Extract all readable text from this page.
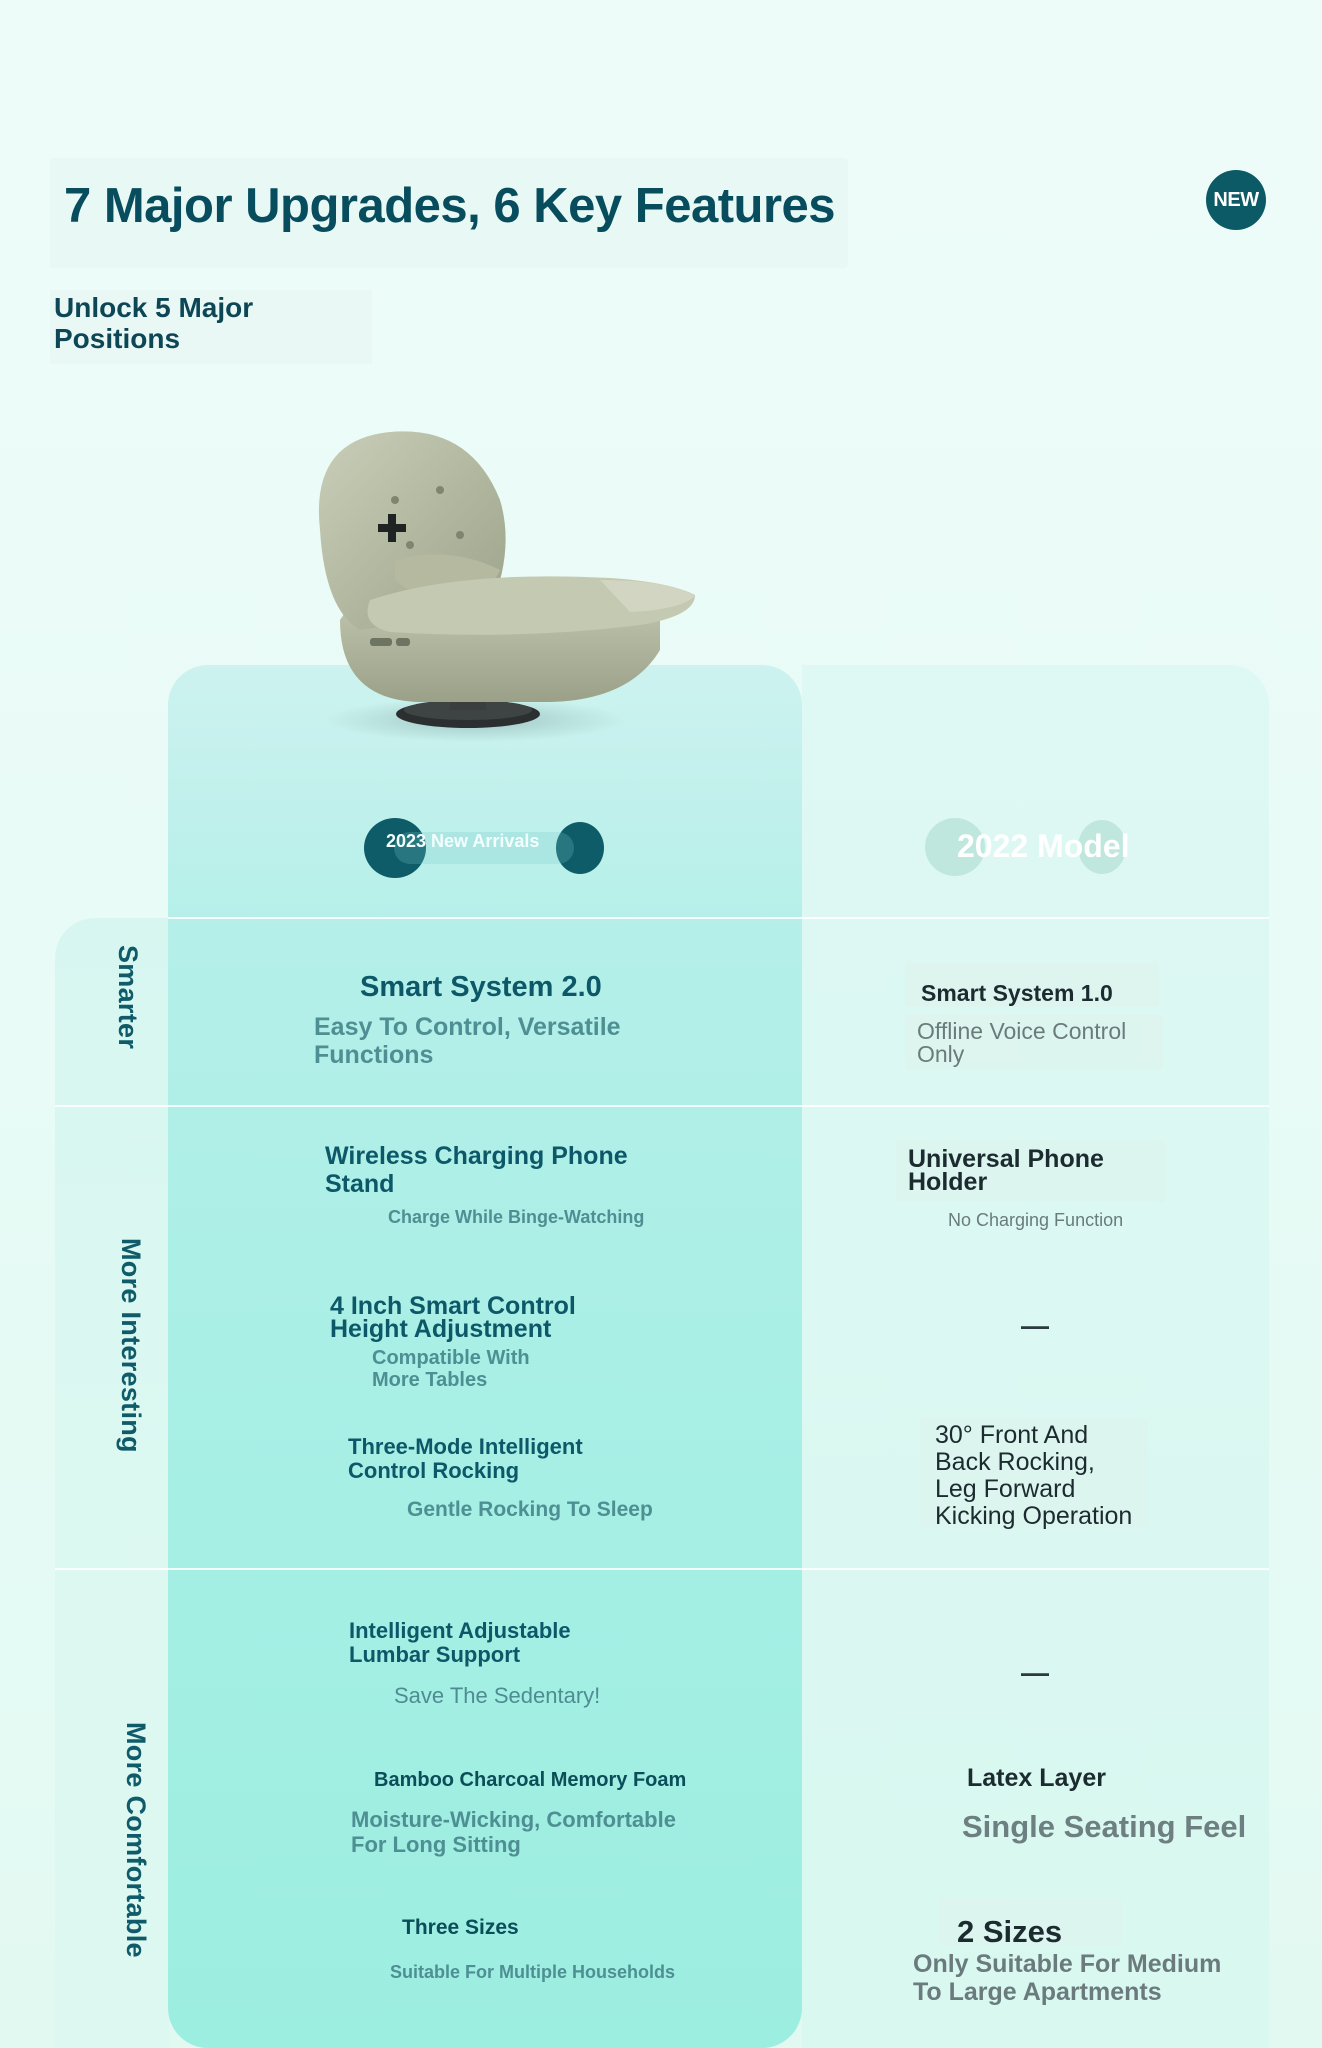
7 Major Upgrades, 6 Key Features	NEW
Unlock 5 Major Positions
2023 New Arrivals	2022 Model
Smarter
More Interesting
More Comfortable
Smart System 2.0
Easy To Control, Versatile Functions
Smart System 1.0
Offline Voice Control Only
Wireless Charging Phone Stand
Charge While Binge-Watching
Universal Phone Holder
No Charging Function
4 Inch Smart Control Height Adjustment
Compatible With More Tables
—
Three-Mode Intelligent Control Rocking
Gentle Rocking To Sleep
30° Front And Back Rocking, Leg Forward Kicking Operation
Intelligent Adjustable Lumbar Support
Save The Sedentary!
—
Bamboo Charcoal Memory Foam
Moisture-Wicking, Comfortable For Long Sitting
Latex Layer
Single Seating Feel
Three Sizes
Suitable For Multiple Households
2 Sizes
Only Suitable For Medium To Large Apartments
